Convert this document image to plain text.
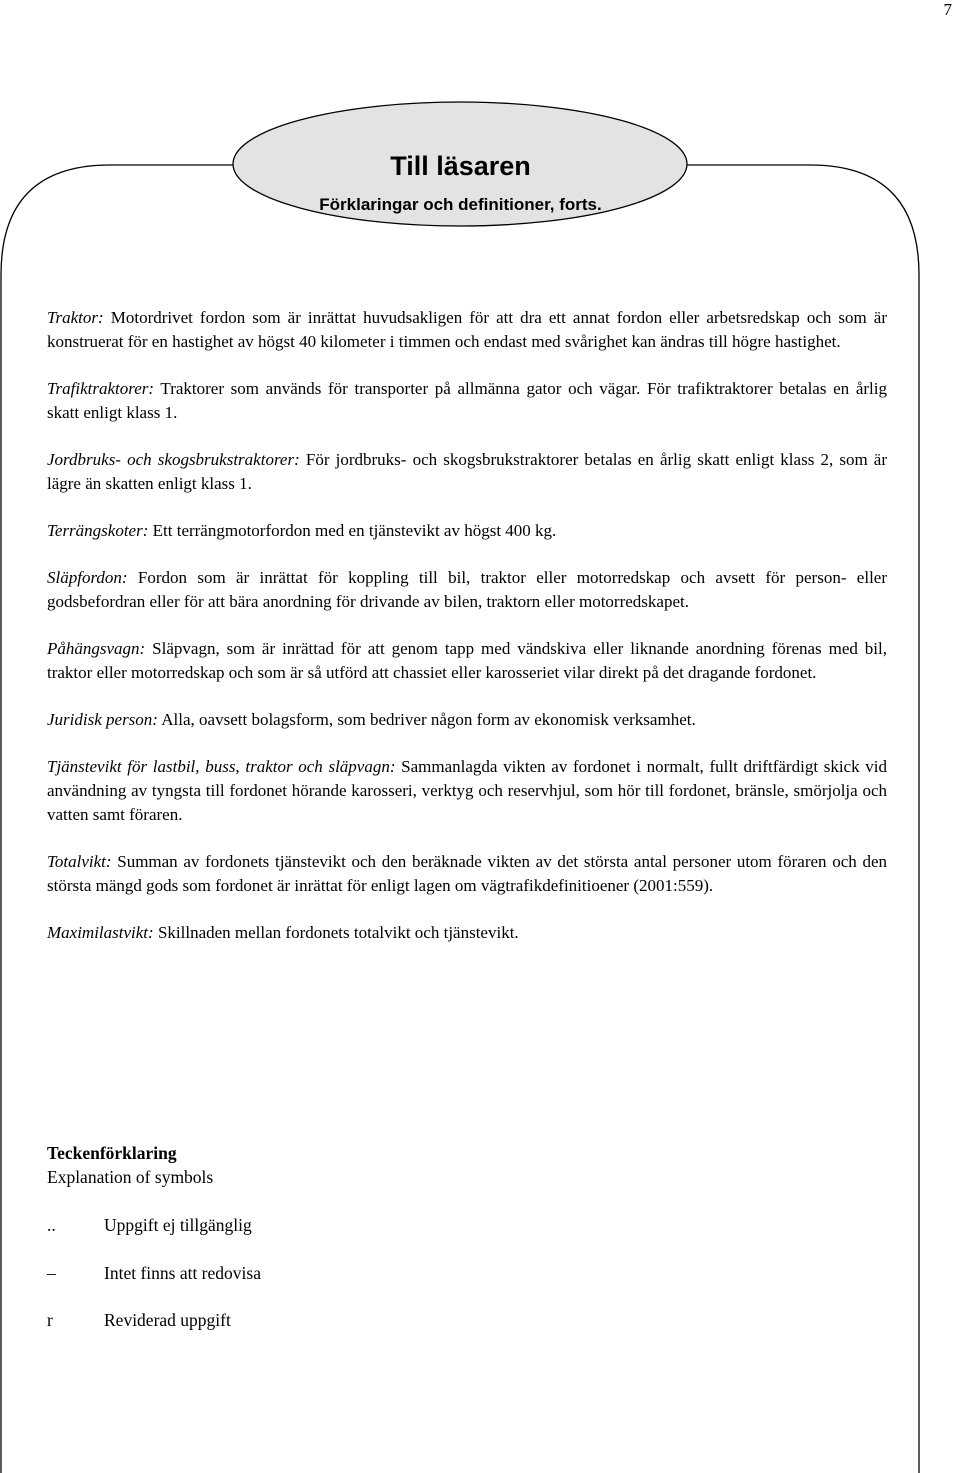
7
Till läsaren
Förklaringar och definitioner, forts.

Traktor: Motordrivet fordon som är inrättat huvudsakligen för att dra ett annat fordon eller arbetsredskap och som är konstruerat för en hastighet av högst 40 kilometer i timmen och endast med svårighet kan ändras till högre hastighet.

Trafiktraktorer: Traktorer som används för transporter på allmänna gator och vägar. För trafiktraktorer betalas en årlig skatt enligt klass 1.

Jordbruks- och skogsbrukstraktorer: För jordbruks- och skogsbrukstraktorer betalas en årlig skatt enligt klass 2, som är lägre än skatten enligt klass 1.

Terrängskoter: Ett terrängmotorfordon med en tjänstevikt av högst 400 kg.

Släpfordon: Fordon som är inrättat för koppling till bil, traktor eller motorredskap och avsett för person- eller godsbefordran eller för att bära anordning för drivande av bilen, traktorn eller motorredskapet.

Påhängsvagn: Släpvagn, som är inrättad för att genom tapp med vändskiva eller liknande anordning förenas med bil, traktor eller motorredskap och som är så utförd att chassiet eller karosseriet vilar direkt på det dragande fordonet.

Juridisk person: Alla, oavsett bolagsform, som bedriver någon form av ekonomisk verksamhet.

Tjänstevikt för lastbil, buss, traktor och släpvagn: Sammanlagda vikten av fordonet i normalt, fullt driftfärdigt skick vid användning av tyngsta till fordonet hörande karosseri, verktyg och reservhjul, som hör till fordonet, bränsle, smörjolja och vatten samt föraren.

Totalvikt: Summan av fordonets tjänstevikt och den beräknade vikten av det största antal personer utom föraren och den största mängd gods som fordonet är inrättat för enligt lagen om vägtrafikdefinitioener (2001:559).

Maximilastvikt: Skillnaden mellan fordonets totalvikt och tjänstevikt.

Teckenförklaring
Explanation of symbols
..	Uppgift ej tillgänglig
–	Intet finns att redovisa
r	Reviderad uppgift
